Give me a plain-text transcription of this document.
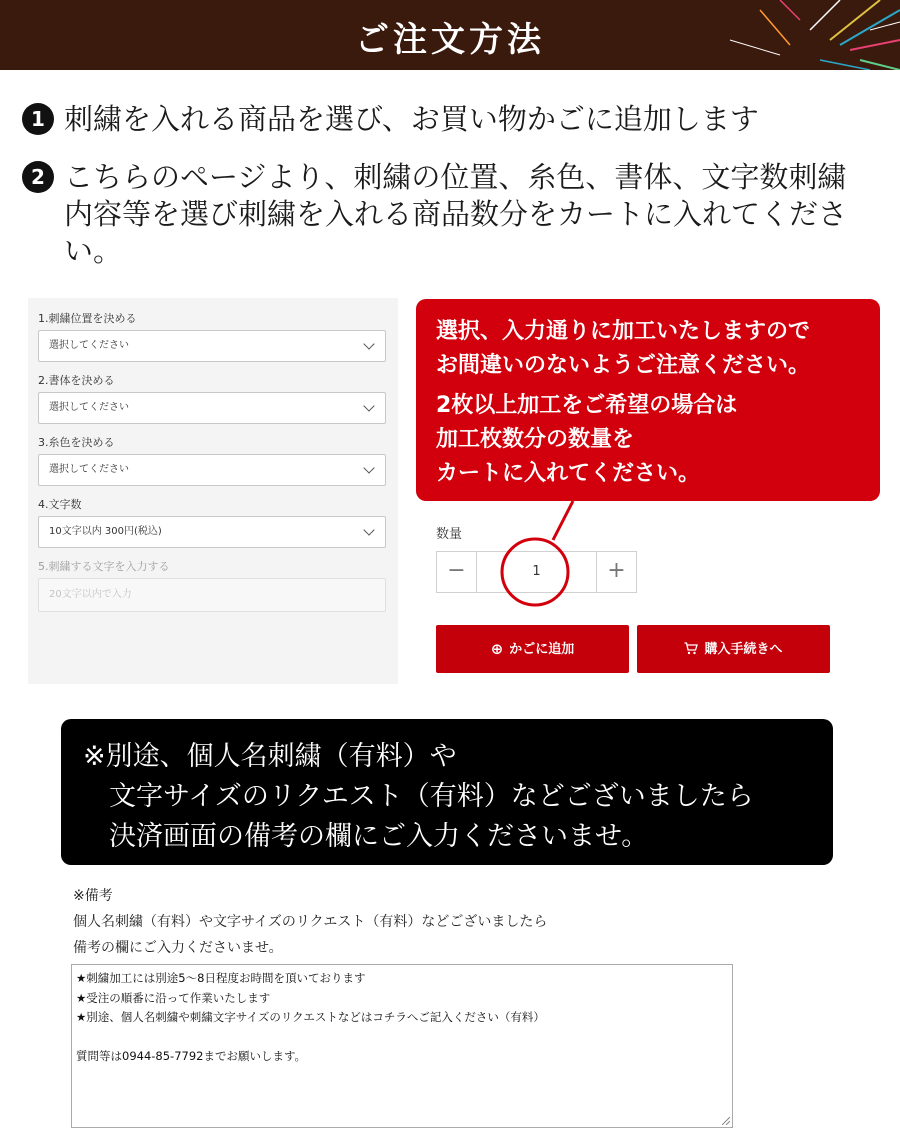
ご注文方法
1 刺繍を入れる商品を選び、お買い物かごに追加します
2 こちらのページより、刺繍の位置、糸色、書体、文字数刺繍内容等を選び刺繍を入れる商品数分をカートに入れてください。
1.刺繍位置を決める
選択してください
2.書体を決める
選択してください
3.糸色を決める
選択してください
4.文字数
10文字以内 300円(税込)
5.刺繍する文字を入力する
20文字以内で入力

選択、入力通りに加工いたしますので

お間違いのないようご注意ください。

2枚以上加工をご希望の場合は

加工枚数分の数量を

カートに入れてください。

数量
−	1	+
⊕ かごに追加	購入手続きへ
※別途、個人名刺繍（有料）や
文字サイズのリクエスト（有料）などございましたら
決済画面の備考の欄にご入力くださいませ。
※備考
個人名刺繍（有料）や文字サイズのリクエスト（有料）などございましたら
備考の欄にご入力くださいませ。
★刺繍加工には別途5～8日程度お時間を頂いております
★受注の順番に沿って作業いたします
★別途、個人名刺繍や刺繍文字サイズのリクエストなどはコチラへご記入ください（有料）
質問等は0944-85-7792までお願いします。
